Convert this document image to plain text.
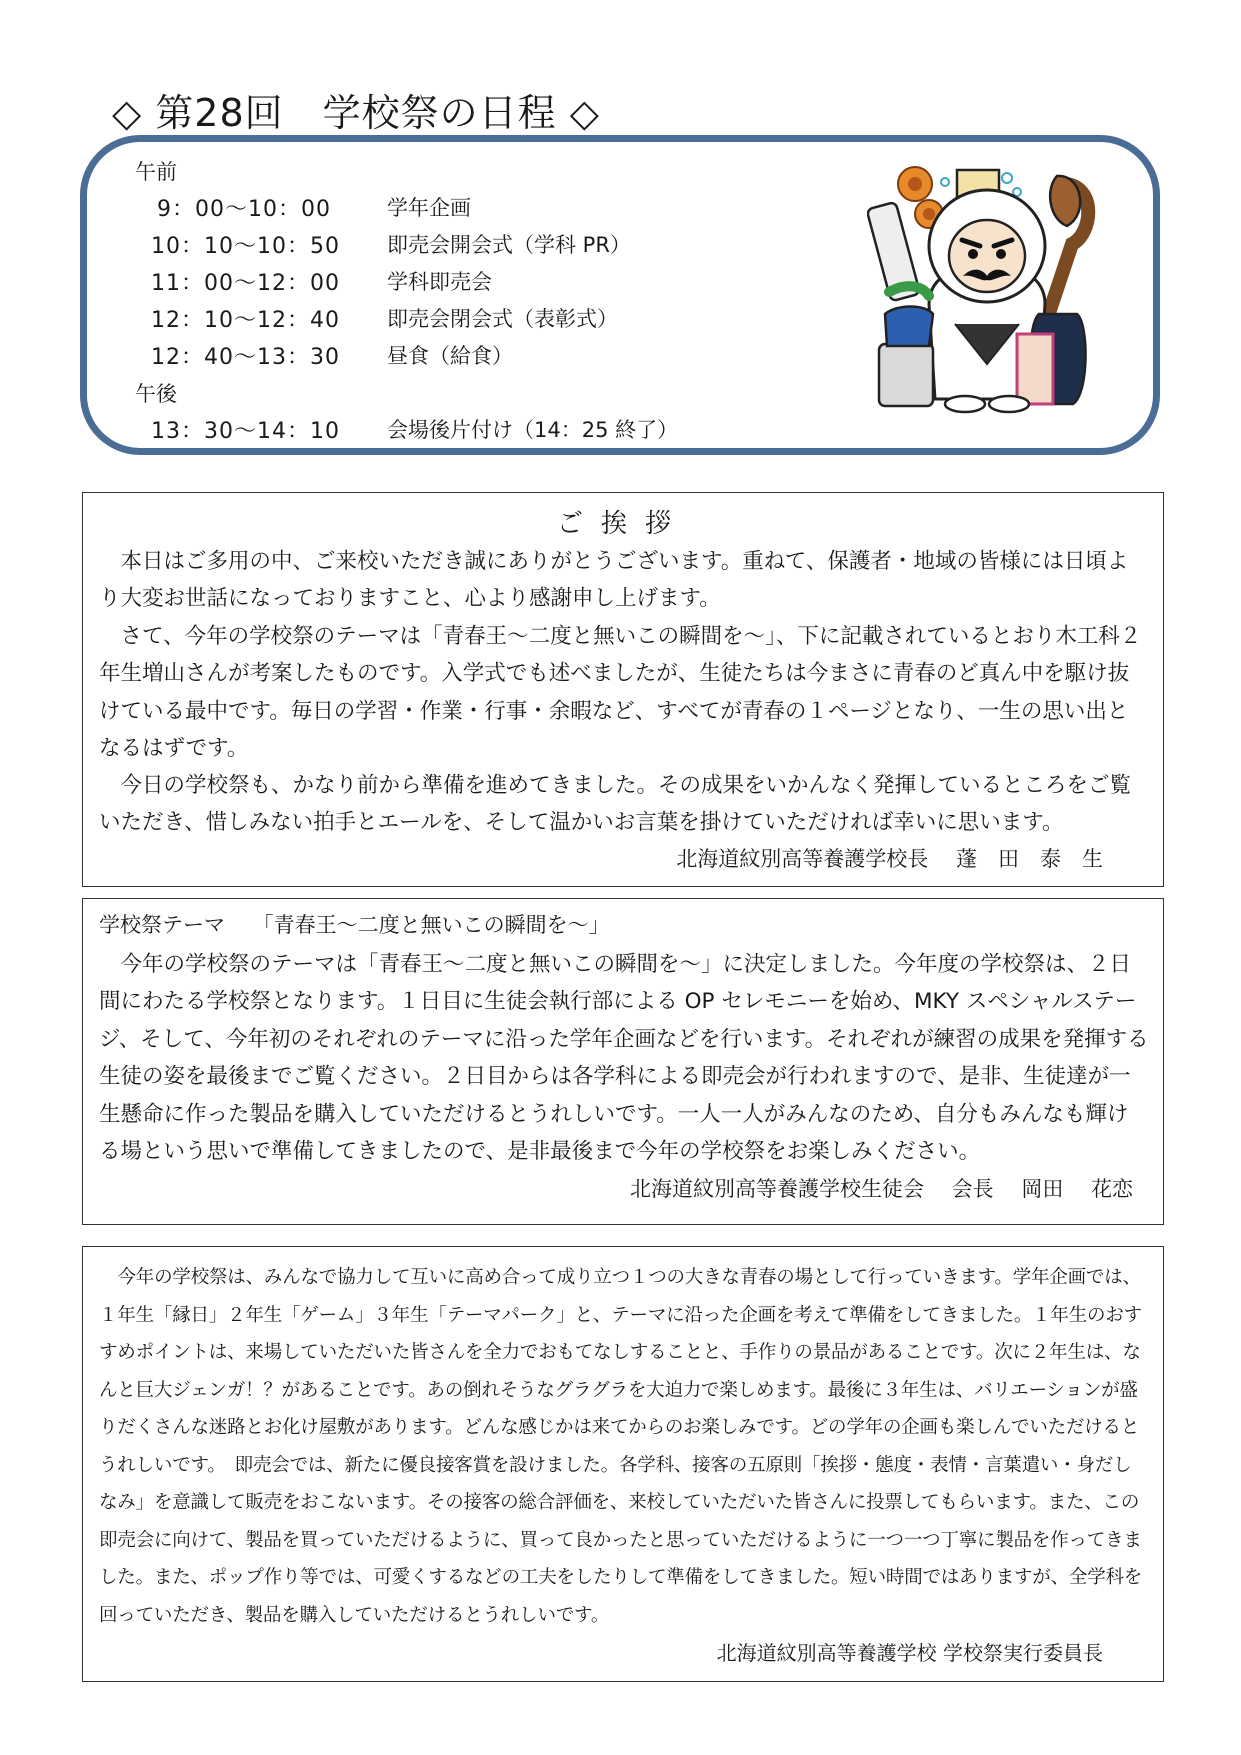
◇ 第28回　学校祭の日程 ◇
午前
9：00～10：00	学年企画
10：10～10：50 即売会開会式（学科 PR）
11：00～12：00 学科即売会
12：10～12：40 即売会閉会式（表彰式）
12：40～13：30 昼食（給食）
午後
13：30～14：10 会場後片付け（14：25 終了）
ご挨拶
本日はご多用の中、ご来校いただき誠にありがとうございます。重ねて、保護者・地域の皆様には日頃より大変お世話になっておりますこと、心より感謝申し上げます。
さて、今年の学校祭のテーマは「青春王～二度と無いこの瞬間を～」、下に記載されているとおり木工科２年生増山さんが考案したものです。入学式でも述べましたが、生徒たちは今まさに青春のど真ん中を駆け抜けている最中です。毎日の学習・作業・行事・余暇など、すべてが青春の１ページとなり、一生の思い出となるはずです。
今日の学校祭も、かなり前から準備を進めてきました。その成果をいかんなく発揮しているところをご覧いただき、惜しみない拍手とエールを、そして温かいお言葉を掛けていただければ幸いに思います。
北海道紋別高等養護学校長　 蓬　田　泰　生
学校祭テーマ　 「青春王～二度と無いこの瞬間を～」
今年の学校祭のテーマは「青春王～二度と無いこの瞬間を～」に決定しました。今年度の学校祭は、２日間にわたる学校祭となります。１日目に生徒会執行部による OP セレモニーを始め、MKY スペシャルステージ、そして、今年初のそれぞれのテーマに沿った学年企画などを行います。それぞれが練習の成果を発揮する生徒の姿を最後までご覧ください。２日目からは各学科による即売会が行われますので、是非、生徒達が一生懸命に作った製品を購入していただけるとうれしいです。一人一人がみんなのため、自分もみんなも輝ける場という思いで準備してきましたので、是非最後まで今年の学校祭をお楽しみください。
北海道紋別高等養護学校生徒会　 会長　 岡田　 花恋
今年の学校祭は、みんなで協力して互いに高め合って成り立つ１つの大きな青春の場として行っていきます。学年企画では、１年生「縁日」２年生「ゲーム」３年生「テーマパーク」と、テーマに沿った企画を考えて準備をしてきました。１年生のおすすめポイントは、来場していただいた皆さんを全力でおもてなしすることと、手作りの景品があることです。次に２年生は、なんと巨大ジェンガ！？があることです。あの倒れそうなグラグラを大迫力で楽しめます。最後に３年生は、バリエーションが盛りだくさんな迷路とお化け屋敷があります。どんな感じかは来てからのお楽しみです。どの学年の企画も楽しんでいただけるとうれしいです。　即売会では、新たに優良接客賞を設けました。各学科、接客の五原則「挨拶・態度・表情・言葉遣い・身だしなみ」を意識して販売をおこないます。その接客の総合評価を、来校していただいた皆さんに投票してもらいます。また、この即売会に向けて、製品を買っていただけるように、買って良かったと思っていただけるように一つ一つ丁寧に製品を作ってきました。また、ポップ作り等では、可愛くするなどの工夫をしたりして準備をしてきました。短い時間ではありますが、全学科を回っていただき、製品を購入していただけるとうれしいです。
北海道紋別高等養護学校 学校祭実行委員長
